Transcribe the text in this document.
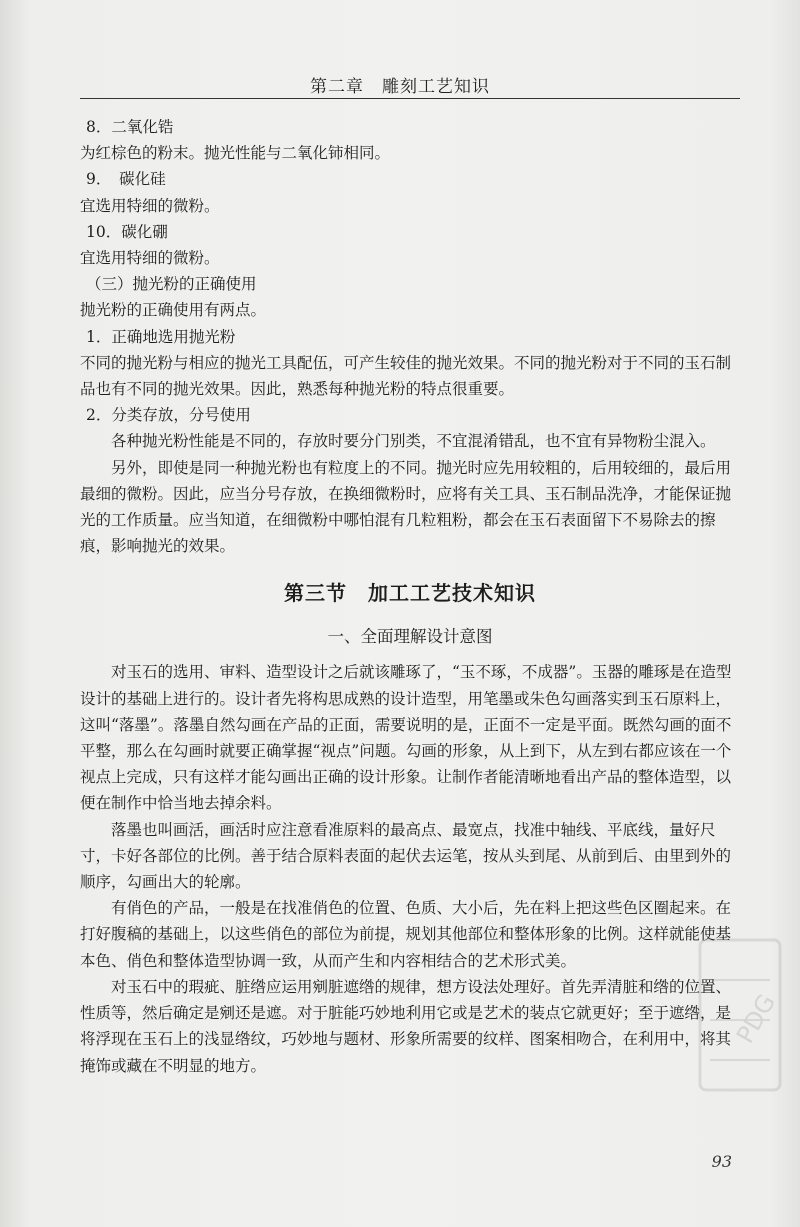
第二章　雕刻工艺知识

8．二氧化锆

为红棕色的粉末。抛光性能与二氧化铈相同。

9．　碳化硅

宜选用特细的微粉。

10．碳化硼

宜选用特细的微粉。

（三）抛光粉的正确使用

抛光粉的正确使用有两点。

1．正确地选用抛光粉

不同的抛光粉与相应的抛光工具配伍，可产生较佳的抛光效果。不同的抛光粉对于不同的玉石制品也有不同的抛光效果。因此，熟悉每种抛光粉的特点很重要。

2．分类存放，分号使用

各种抛光粉性能是不同的，存放时要分门别类，不宜混淆错乱，也不宜有异物粉尘混入。

另外，即使是同一种抛光粉也有粒度上的不同。抛光时应先用较粗的，后用较细的，最后用最细的微粉。因此，应当分号存放，在换细微粉时，应将有关工具、玉石制品洗净，才能保证抛光的工作质量。应当知道，在细微粉中哪怕混有几粒粗粉，都会在玉石表面留下不易除去的擦痕，影响抛光的效果。

第三节　加工工艺技术知识
一、全面理解设计意图

对玉石的选用、审料、造型设计之后就该雕琢了，“玉不琢，不成器”。玉器的雕琢是在造型设计的基础上进行的。设计者先将构思成熟的设计造型，用笔墨或朱色勾画落实到玉石原料上，这叫“落墨”。落墨自然勾画在产品的正面，需要说明的是，正面不一定是平面。既然勾画的面不平整，那么在勾画时就要正确掌握“视点”问题。勾画的形象，从上到下，从左到右都应该在一个视点上完成，只有这样才能勾画出正确的设计形象。让制作者能清晰地看出产品的整体造型，以便在制作中恰当地去掉余料。

落墨也叫画活，画活时应注意看准原料的最高点、最宽点，找准中轴线、平底线，量好尺寸，卡好各部位的比例。善于结合原料表面的起伏去运笔，按从头到尾、从前到后、由里到外的顺序，勾画出大的轮廓。

有俏色的产品，一般是在找准俏色的位置、色质、大小后，先在料上把这些色区圈起来。在打好腹稿的基础上，以这些俏色的部位为前提，规划其他部位和整体形象的比例。这样就能使基本色、俏色和整体造型协调一致，从而产生和内容相结合的艺术形式美。

对玉石中的瑕疵、脏绺应运用剜脏遮绺的规律，想方设法处理好。首先弄清脏和绺的位置、性质等，然后确定是剜还是遮。对于脏能巧妙地利用它或是艺术的装点它就更好；至于遮绺，是将浮现在玉石上的浅显绺纹，巧妙地与题材、形象所需要的纹样、图案相吻合，在利用中，将其掩饰或藏在不明显的地方。

93
PDG
